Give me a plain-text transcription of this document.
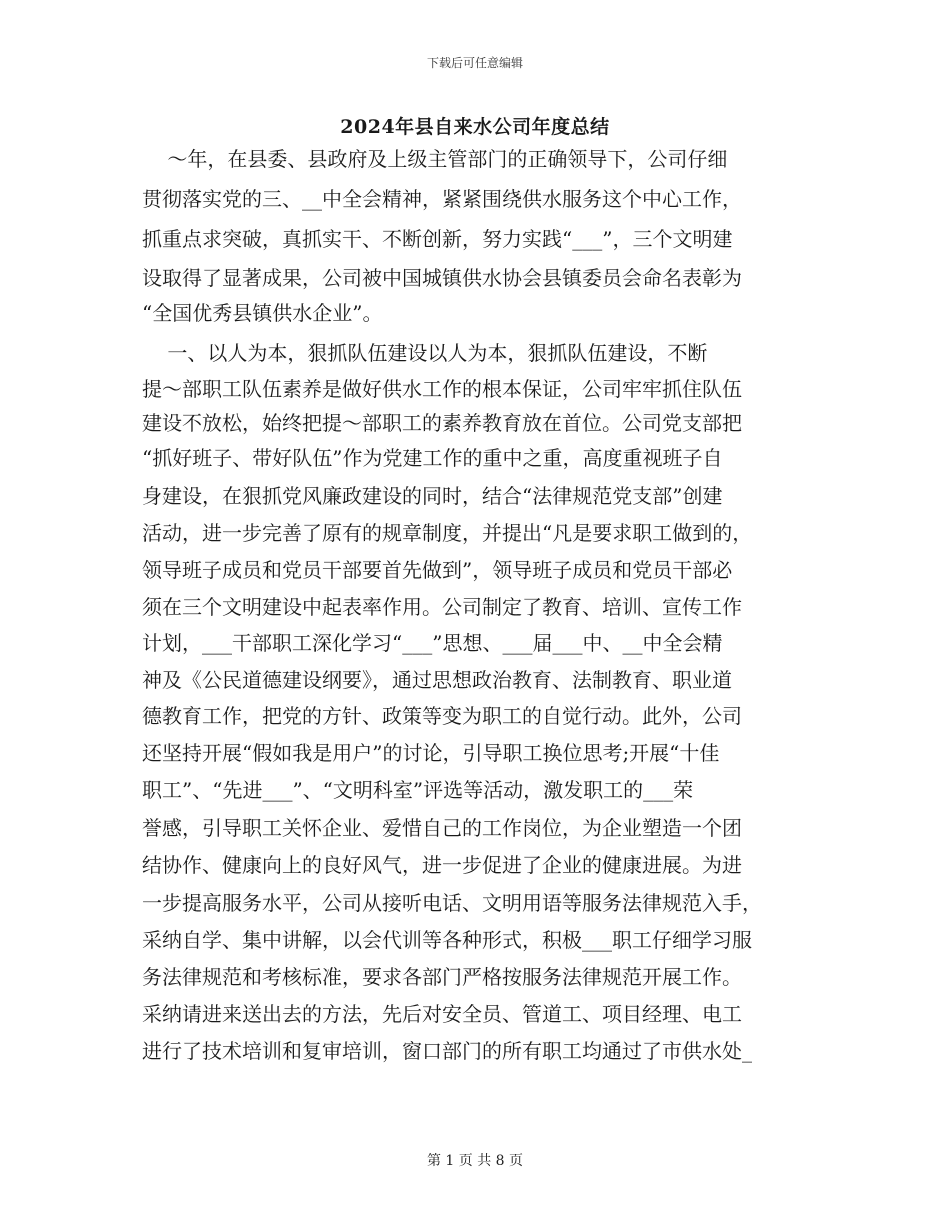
下载后可任意编辑
2024年县自来水公司年度总结
～年，在县委、县政府及上级主管部门的正确领导下，公司仔细
贯彻落实党的三、__中全会精神，紧紧围绕供水服务这个中心工作，
抓重点求突破，真抓实干、不断创新，努力实践“___”，三个文明建
设取得了显著成果，公司被中国城镇供水协会县镇委员会命名表彰为
“全国优秀县镇供水企业”。
一、以人为本，狠抓队伍建设以人为本，狠抓队伍建设，不断
提～部职工队伍素养是做好供水工作的根本保证，公司牢牢抓住队伍
建设不放松，始终把提～部职工的素养教育放在首位。公司党支部把
“抓好班子、带好队伍”作为党建工作的重中之重，高度重视班子自
身建设，在狠抓党风廉政建设的同时，结合“法律规范党支部”创建
活动，进一步完善了原有的规章制度，并提出“凡是要求职工做到的，
领导班子成员和党员干部要首先做到”，领导班子成员和党员干部必
须在三个文明建设中起表率作用。公司制定了教育、培训、宣传工作
计划，___干部职工深化学习“___”思想、___届___中、__中全会精
神及《公民道德建设纲要》，通过思想政治教育、法制教育、职业道
德教育工作，把党的方针、政策等变为职工的自觉行动。此外，公司
还坚持开展“假如我是用户”的讨论，引导职工换位思考;开展“十佳
职工”、“先进___”、“文明科室”评选等活动，激发职工的___荣
誉感，引导职工关怀企业、爱惜自己的工作岗位，为企业塑造一个团
结协作、健康向上的良好风气，进一步促进了企业的健康进展。为进
一步提高服务水平，公司从接听电话、文明用语等服务法律规范入手，
采纳自学、集中讲解，以会代训等各种形式，积极___职工仔细学习服
务法律规范和考核标准，要求各部门严格按服务法律规范开展工作。
采纳请进来送出去的方法，先后对安全员、管道工、项目经理、电工
进行了技术培训和复审培训，窗口部门的所有职工均通过了市供水处_
第 1 页 共 8 页
